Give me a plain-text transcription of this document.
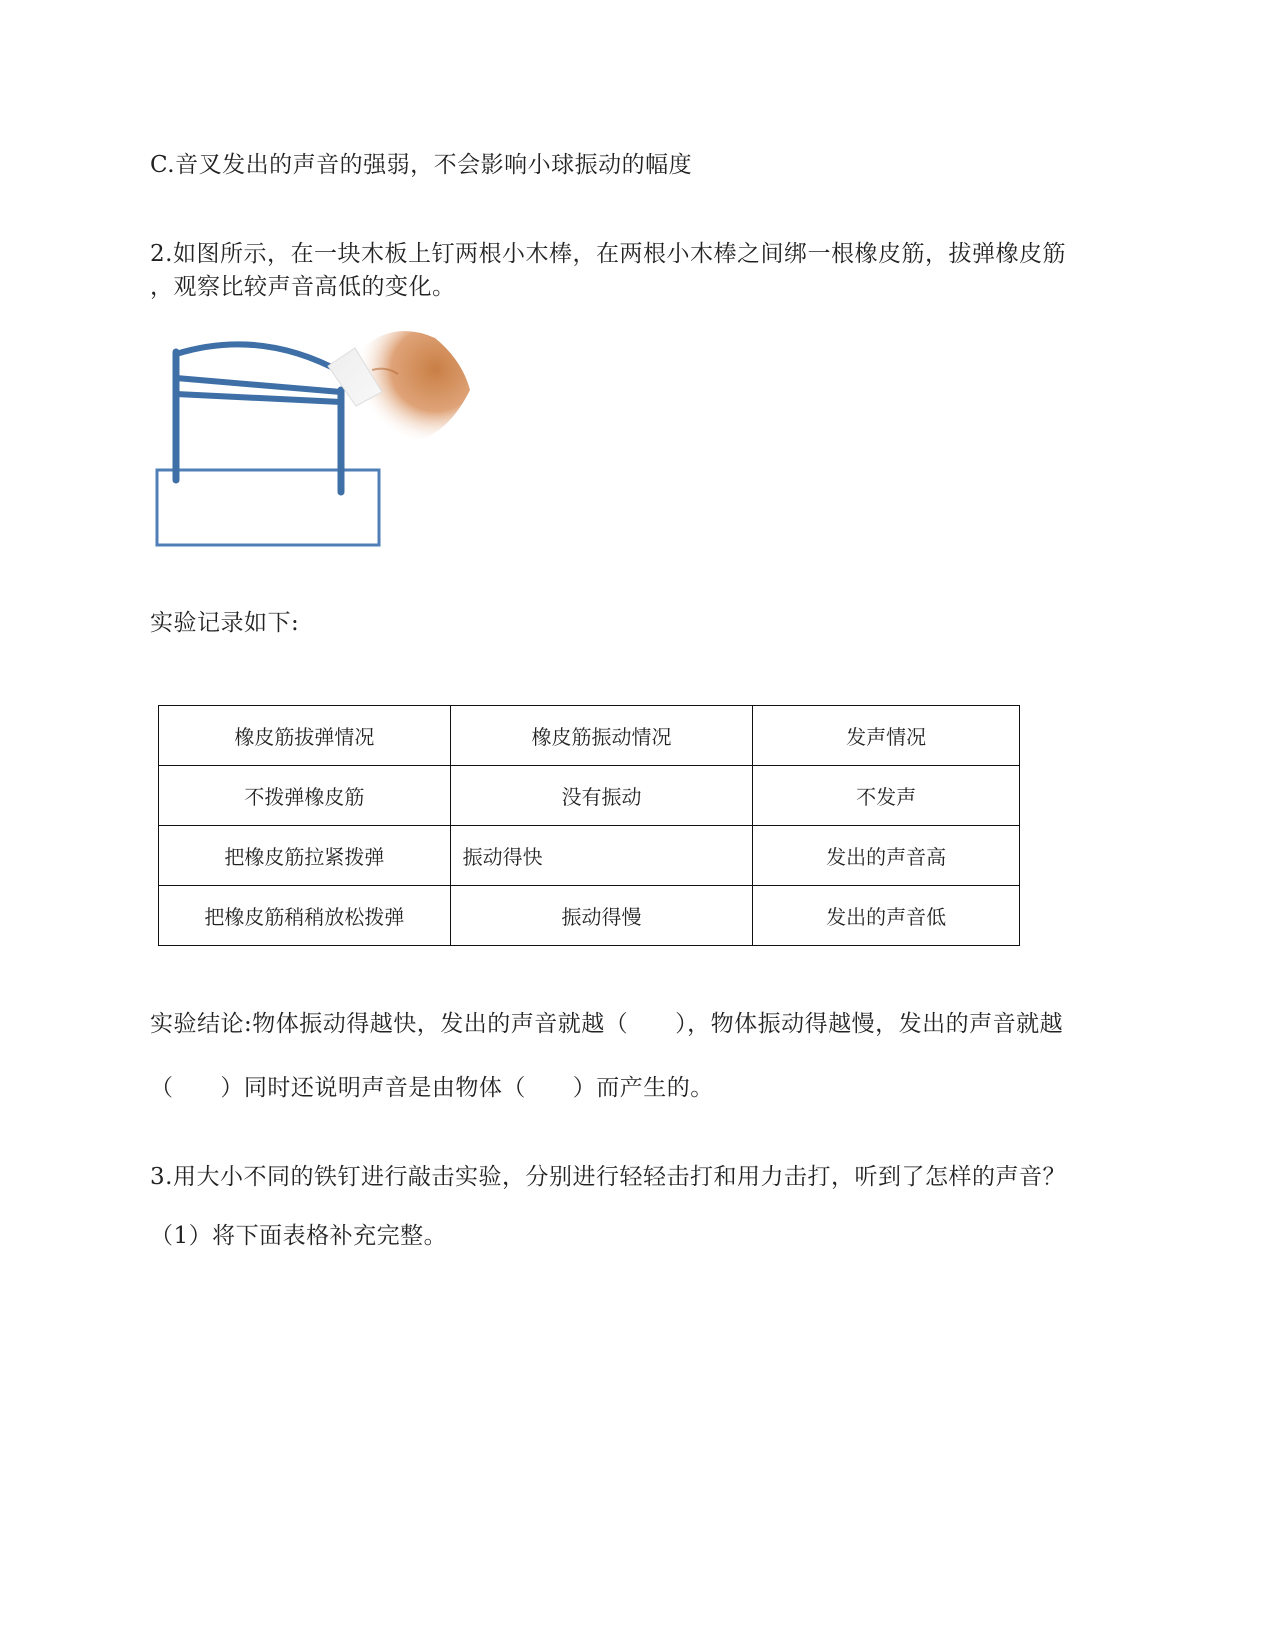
C.音叉发出的声音的强弱，不会影响小球振动的幅度
2.如图所示，在一块木板上钉两根小木棒，在两根小木棒之间绑一根橡皮筋，拔弹橡皮筋
，观察比较声音高低的变化。
实验记录如下:
橡皮筋拔弹情况	橡皮筋振动情况	发声情况
不拨弹橡皮筋	没有振动	不发声
把橡皮筋拉紧拨弹	振动得快	发出的声音高
把橡皮筋稍稍放松拨弹	振动得慢	发出的声音低
实验结论:物体振动得越快，发出的声音就越（ ），物体振动得越慢，发出的声音就越
（ ）同时还说明声音是由物体（ ）而产生的。
3.用大小不同的铁钉进行敲击实验，分别进行轻轻击打和用力击打，听到了怎样的声音？
（1）将下面表格补充完整。
